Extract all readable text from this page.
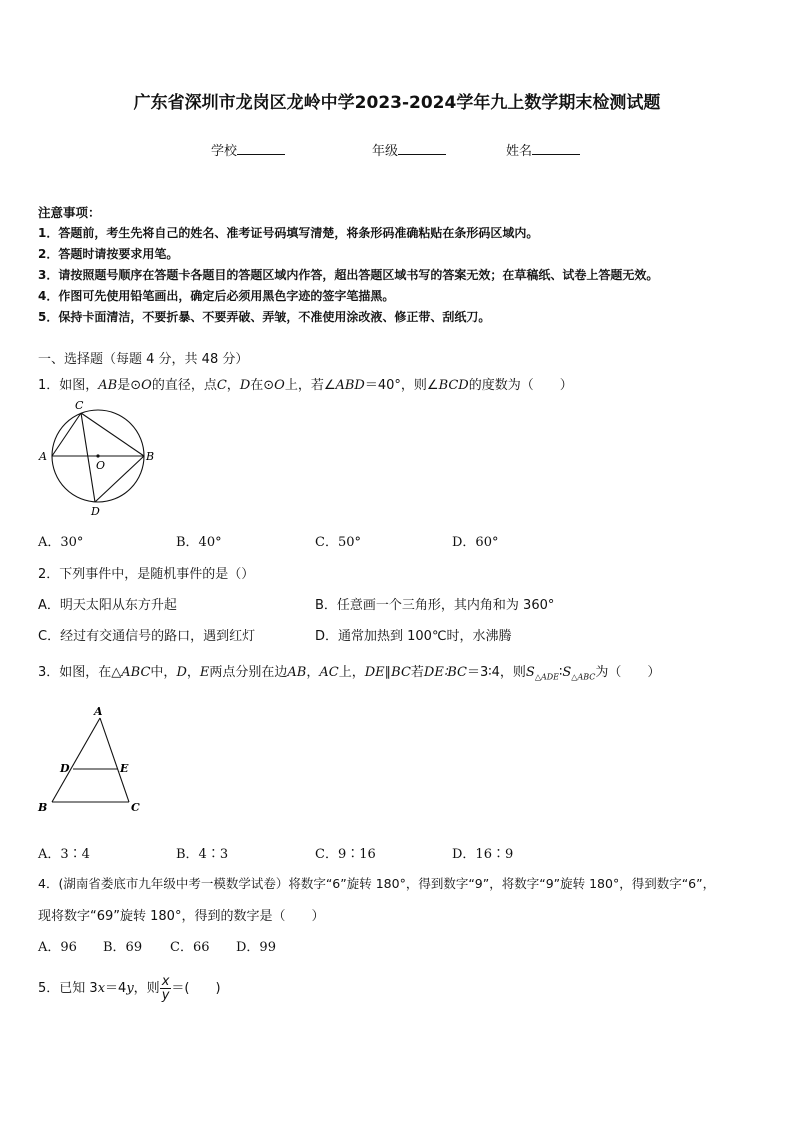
广东省深圳市龙岗区龙岭中学2023-2024学年九上数学期末检测试题
学校	年级	姓名
注意事项：
1．答题前，考生先将自己的姓名、准考证号码填写清楚，将条形码准确粘贴在条形码区域内。
2．答题时请按要求用笔。
3．请按照题号顺序在答题卡各题目的答题区域内作答，超出答题区域书写的答案无效；在草稿纸、试卷上答题无效。
4．作图可先使用铅笔画出，确定后必须用黑色字迹的签字笔描黑。
5．保持卡面清洁，不要折暴、不要弄破、弄皱，不准使用涂改液、修正带、刮纸刀。
一、选择题（每题 4 分，共 48 分）
1．如图，AB是⊙O的直径，点C，D在⊙O上，若∠ABD＝40°，则∠BCD的度数为（　　）
A	B
C
D
O
A．30°	B．40°	C．50°	D．60°
2．下列事件中，是随机事件的是（）
A．明天太阳从东方升起	B．任意画一个三角形，其内角和为 360°
C．经过有交通信号的路口，遇到红灯	D．通常加热到 100℃时，水沸腾
3．如图，在△ABC中，D，E两点分别在边AB，AC上，DE∥BC若DE∶BC＝3∶4，则$S_{\triangle ADE}∶S_{\triangle ABC}$为（　　）
A
B	C
D	E
A．3∶4	B．4∶3	C．9∶16	D．16∶9
4．(湖南省娄底市九年级中考一模数学试卷）将数字“6”旋转 180°，得到数字“9”，将数字“9”旋转 180°，得到数字“6”，
现将数字“69”旋转 180°，得到的数字是（　　）
A．96 B．69 C．66 D．99
5．已知 3x＝4y，则 $\frac{x}{y}$ ＝(　　)
